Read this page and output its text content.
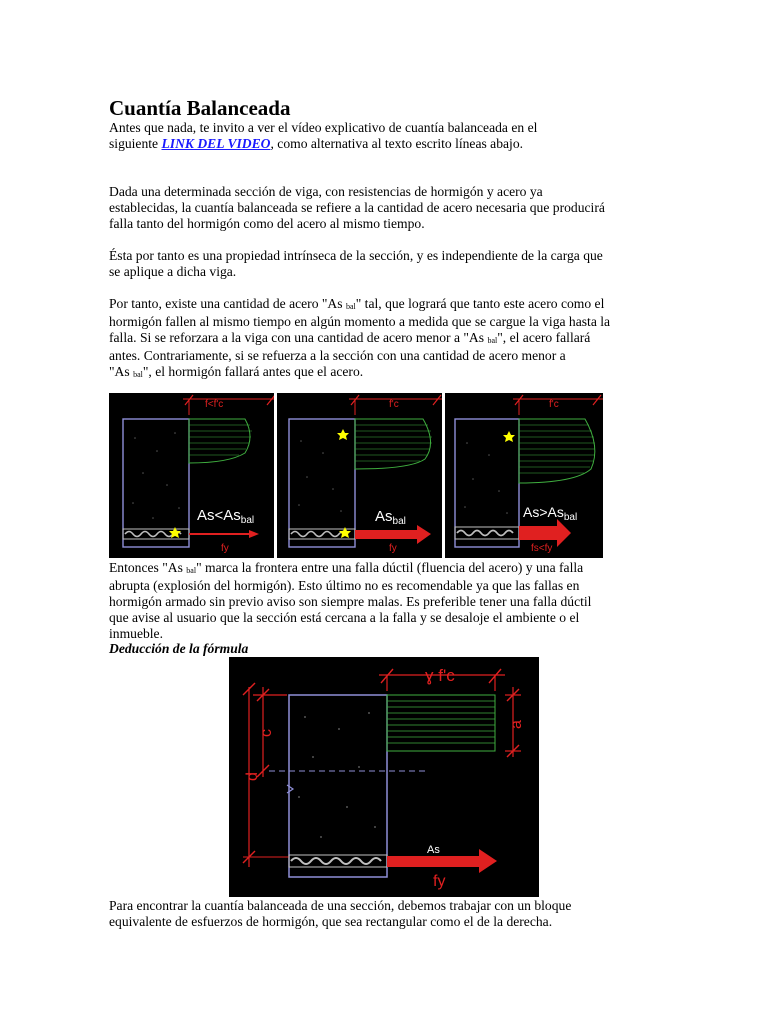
Cuantía Balanceada

Antes que nada, te invito a ver el vídeo explicativo de cuantía balanceada en el
siguiente LINK DEL VIDEO, como alternativa al texto escrito líneas abajo.

Dada una determinada sección de viga, con resistencias de hormigón y acero ya
establecidas, la cuantía balanceada se refiere a la cantidad de acero necesaria que producirá
falla tanto del hormigón como del acero al mismo tiempo.

Ésta por tanto es una propiedad intrínseca de la sección, y es independiente de la carga que
se aplique a dicha viga.

Por tanto, existe una cantidad de acero "As $_{bal}$" tal, que logrará que tanto este acero como el
hormigón fallen al mismo tiempo en algún momento a medida que se cargue la viga hasta la
falla. Si se reforzara a la viga con una cantidad de acero menor a "As $_{bal}$", el acero fallará
antes. Contrariamente, si se refuerza a la sección con una cantidad de acero menor a
"As $_{bal}$", el hormigón fallará antes que el acero.

f<f'c
$As<As_{bal}$
fy
f'c
$As_{bal}$
fy
f'c
$As>As_{bal}$
fs<fy

Entonces "As $_{bal}$" marca la frontera entre una falla dúctil (fluencia del acero) y una falla
abrupta (explosión del hormigón). Esto último no es recomendable ya que las fallas en
hormigón armado sin previo aviso son siempre malas. Es preferible tener una falla dúctil
que avise al usuario que la sección está cercana a la falla y se desaloje el ambiente o el
inmueble.

Deducción de la fórmula
ɣ f'c
a
c
d
As
fy

Para encontrar la cuantía balanceada de una sección, debemos trabajar con un bloque
equivalente de esfuerzos de hormigón, que sea rectangular como el de la derecha.
